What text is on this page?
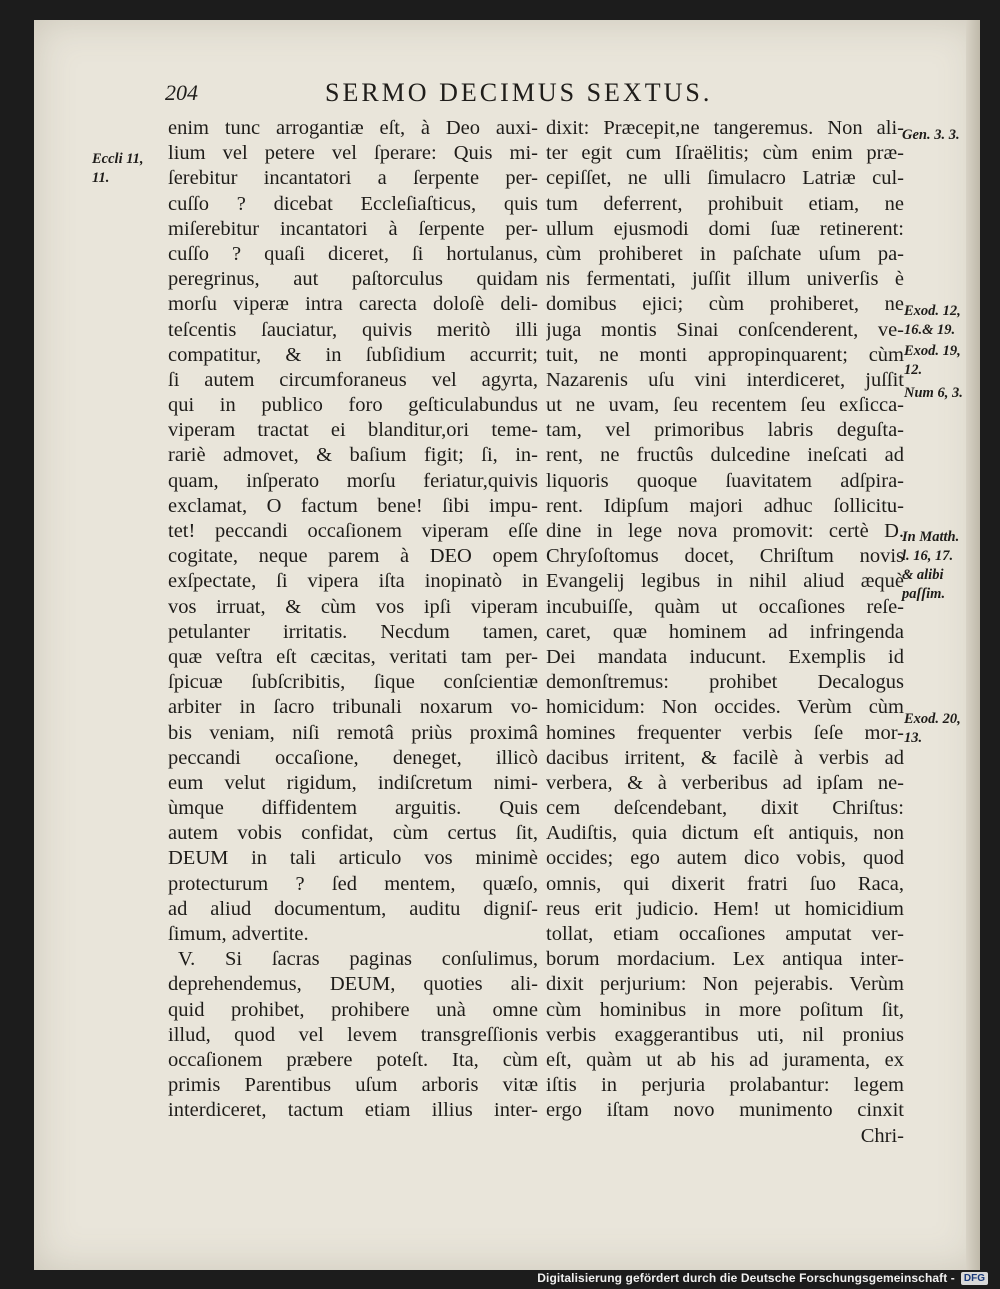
204	SERMO DECIMUS SEXTUS.
enim tunc arrogantiæ eſt, à Deo auxi-
lium vel petere vel ſperare: Quis mi-
ſerebitur incantatori a ſerpente per-
cuſſo ? dicebat Eccleſiaſticus, quis
miſerebitur incantatori à ſerpente per-
cuſſo ? quaſi diceret, ſi hortulanus,
peregrinus, aut paſtorculus quidam
morſu viperæ intra carecta doloſè deli-
teſcentis ſauciatur, quivis meritò illi
compatitur, & in ſubſidium accurrit;
ſi autem circumforaneus vel agyrta,
qui in publico foro geſticulabundus
viperam tractat ei blanditur,ori teme-
rariè admovet, & baſium figit; ſi, in-
quam, inſperato morſu feriatur,quivis
exclamat, O factum bene! ſibi impu-
tet! peccandi occaſionem viperam eſſe
cogitate, neque parem à DEO opem
exſpectate, ſi vipera iſta inopinatò in
vos irruat, & cùm vos ipſi viperam
petulanter irritatis. Necdum tamen,
quæ veſtra eſt cæcitas, veritati tam per-
ſpicuæ ſubſcribitis, ſique conſcientiæ
arbiter in ſacro tribunali noxarum vo-
bis veniam, niſi remotâ priùs proximâ
peccandi occaſione, deneget, illicò
eum velut rigidum, indiſcretum nimi-
ùmque diffidentem arguitis. Quis
autem vobis confidat, cùm certus ſit,
DEUM in tali articulo vos minimè
protecturum ? ſed mentem, quæſo,
ad aliud documentum, auditu digniſ-
ſimum, advertite.
V. Si ſacras paginas conſulimus,
deprehendemus, DEUM, quoties ali-
quid prohibet, prohibere unà omne
illud, quod vel levem transgreſſionis
occaſionem præbere poteſt. Ita, cùm
primis Parentibus uſum arboris vitæ
interdiceret, tactum etiam illius inter-
dixit: Præcepit,ne tangeremus. Non ali-
ter egit cum Iſraëlitis; cùm enim præ-
cepiſſet, ne ulli ſimulacro Latriæ cul-
tum deferrent, prohibuit etiam, ne
ullum ejusmodi domi ſuæ retinerent:
cùm prohiberet in paſchate uſum pa-
nis fermentati, juſſit illum univerſis è
domibus ejici; cùm prohiberet, ne
juga montis Sinai conſcenderent, ve-
tuit, ne monti appropinquarent; cùm
Nazarenis uſu vini interdiceret, juſſit
ut ne uvam, ſeu recentem ſeu exſicca-
tam, vel primoribus labris deguſta-
rent, ne fructûs dulcedine ineſcati ad
liquoris quoque ſuavitatem adſpira-
rent. Idipſum majori adhuc ſollicitu-
dine in lege nova promovit: certè D.
Chryſoſtomus docet, Chriſtum novis
Evangelij legibus in nihil aliud æquè
incubuiſſe, quàm ut occaſiones reſe-
caret, quæ hominem ad infringenda
Dei mandata inducunt. Exemplis id
demonſtremus: prohibet Decalogus
homicidum: Non occides. Verùm cùm
homines frequenter verbis ſeſe mor-
dacibus irritent, & facilè à verbis ad
verbera, & à verberibus ad ipſam ne-
cem deſcendebant, dixit Chriſtus:
Audiſtis, quia dictum eſt antiquis, non
occides; ego autem dico vobis, quod
omnis, qui dixerit fratri ſuo Raca,
reus erit judicio. Hem! ut homicidium
tollat, etiam occaſiones amputat ver-
borum mordacium. Lex antiqua inter-
dixit perjurium: Non pejerabis. Verùm
cùm hominibus in more poſitum ſit,
verbis exaggerantibus uti, nil pronius
eſt, quàm ut ab his ad juramenta, ex
iſtis in perjuria prolabantur: legem
ergo iſtam novo munimento cinxit
Chri-
Eccli 11,
11.
Gen. 3. 3.
Exod. 12,
16.& 19.
Exod. 19,
12.
Num 6, 3.
In Matth.
l. 16, 17.
& alibi
paſſim.
Exod. 20,
13.
Digitalisierung gefördert durch die Deutsche Forschungsgemeinschaft - DFG
